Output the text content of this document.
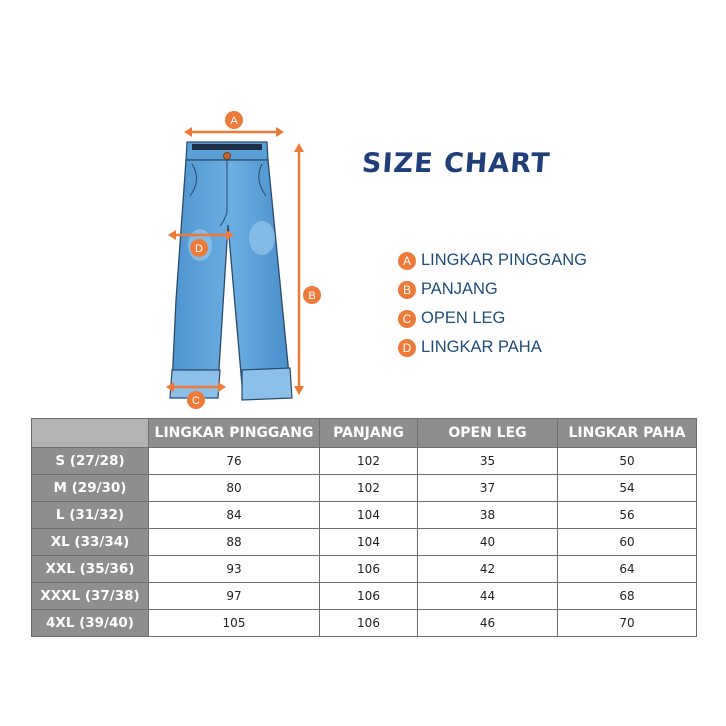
A
B
C
D
SIZE CHART
A LINGKAR PINGGANG
B PANJANG
C OPEN LEG
D LINGKAR PAHA
	LINGKAR PINGGANG	PANJANG	OPEN LEG	LINGKAR PAHA
S (27/28)	76	102	35	50
M (29/30)	80	102	37	54
L (31/32)	84	104	38	56
XL (33/34)	88	104	40	60
XXL (35/36)	93	106	42	64
XXXL (37/38)	97	106	44	68
4XL (39/40)	105	106	46	70
